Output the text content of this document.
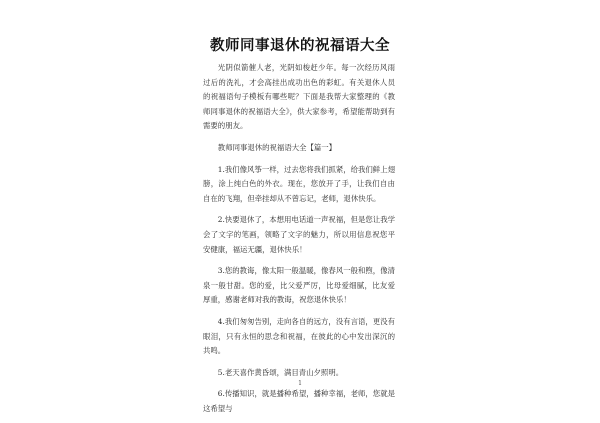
教师同事退休的祝福语大全

光阴似箭催人老，光阴如梭赶少年。每一次经历风雨过后的洗礼，才会高挂出成功出色的彩虹。有关退休人员的祝福语句子模板有哪些呢？下面是我帮大家整理的《教师同事退休的祝福语大全》，供大家参考，希望能帮助到有需要的朋友。

教师同事退休的祝福语大全【篇一】

1.我们像风筝一样，过去您将我们抓紧，给我们鲜上翅膀，涂上纯白色的外衣。现在，您放开了手，让我们自由自在的飞翔，但牵挂却从不曾忘记，老师，退休快乐。

2.快要退休了，本想用电话道一声祝福，但是您让我学会了文字的笔画，领略了文字的魅力，所以用信息祝您平安健康，福运无疆，退休快乐！

3.您的教诲，像太阳一般温暖，像春风一般和煦，像清泉一般甘甜。您的爱，比父爱严厉，比母爱细腻，比友爱厚重，感谢老师对我的教诲，祝您退休快乐！

4.我们匆匆告别，走向各自的远方，没有言语，更没有眼泪，只有永恒的思念和祝福，在彼此的心中发出深沉的共鸣。

5.老天喜作黄昏颂，满目青山夕照明。

6.传播知识，就是播种希望，播种幸福，老师，您就是这希望与

1
